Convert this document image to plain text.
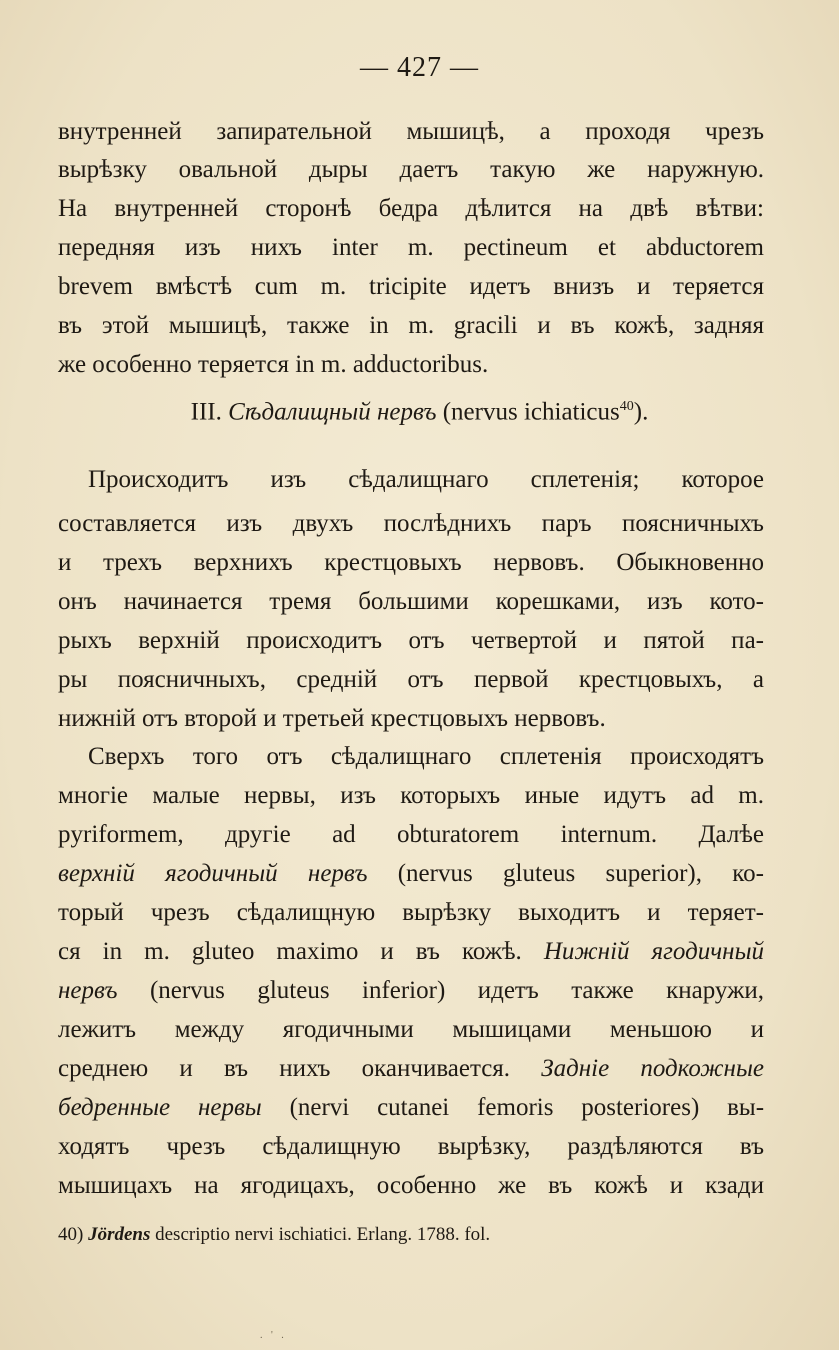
— 427 —
внутренней запирательной мышицѣ, а проходя чрезъ
вырѣзку овальной дыры даетъ такую же наружную.
На внутренней сторонѣ бедра дѣлится на двѣ вѣтви:
передняя изъ нихъ inter m. pectineum et abductorem
brevem вмѣстѣ cum m. tricipite идетъ внизъ и теряется
въ этой мышицѣ, также in m. gracili и въ кожѣ, задняя
же особенно теряется in m. adductoribus.
III. Сѣдалищный нервъ (nervus ichiaticus$^{40}$).
Происходитъ изъ сѣдалищнаго сплетенія; которое
составляется изъ двухъ послѣднихъ паръ поясничныхъ
и трехъ верхнихъ крестцовыхъ нервовъ. Обыкновенно
онъ начинается тремя большими корешками, изъ кото-
рыхъ верхній происходитъ отъ четвертой и пятой па-
ры поясничныхъ, средній отъ первой крестцовыхъ, а
нижній отъ второй и третьей крестцовыхъ нервовъ.
Сверхъ того отъ сѣдалищнаго сплетенія происходятъ
многіе малые нервы, изъ которыхъ иные идутъ ad m.
pyriformem, другіе ad obturatorem internum. Далѣе
верхній ягодичный нервъ (nervus gluteus superior), ко-
торый чрезъ сѣдалищную вырѣзку выходитъ и теряет-
ся in m. gluteo maximo и въ кожѣ. Нижній ягодичный
нервъ (nervus gluteus inferior) идетъ также кнаружи,
лежитъ между ягодичными мышицами меньшою и
среднею и въ нихъ оканчивается. Задніе подкожные
бедренные нервы (nervi cutanei femoris posteriores) вы-
ходятъ чрезъ сѣдалищную вырѣзку, раздѣляются въ
мышицахъ на ягодицахъ, особенно же въ кожѣ и кзади
40) Jördens descriptio nervi ischiatici. Erlang. 1788. fol.
. ' .
